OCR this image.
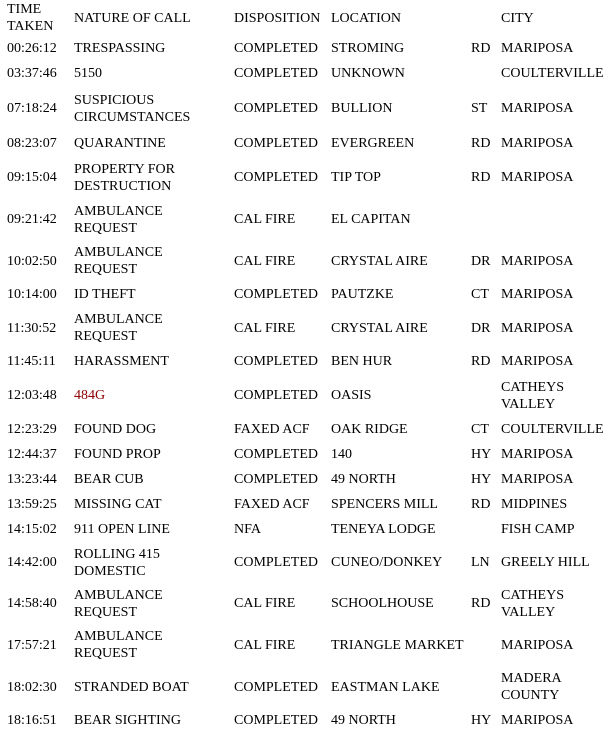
TIME TAKEN	NATURE OF CALL	DISPOSITION	LOCATION		CITY
00:26:12	TRESPASSING	COMPLETED	STROMING	RD	MARIPOSA
03:37:46	5150	COMPLETED	UNKNOWN		COULTERVILLE
07:18:24	SUSPICIOUS CIRCUMSTANCES	COMPLETED	BULLION	ST	MARIPOSA
08:23:07	QUARANTINE	COMPLETED	EVERGREEN	RD	MARIPOSA
09:15:04	PROPERTY FOR DESTRUCTION	COMPLETED	TIP TOP	RD	MARIPOSA
09:21:42	AMBULANCE REQUEST	CAL FIRE	EL CAPITAN		
10:02:50	AMBULANCE REQUEST	CAL FIRE	CRYSTAL AIRE	DR	MARIPOSA
10:14:00	ID THEFT	COMPLETED	PAUTZKE	CT	MARIPOSA
11:30:52	AMBULANCE REQUEST	CAL FIRE	CRYSTAL AIRE	DR	MARIPOSA
11:45:11	HARASSMENT	COMPLETED	BEN HUR	RD	MARIPOSA
12:03:48	484G	COMPLETED	OASIS		CATHEYS VALLEY
12:23:29	FOUND DOG	FAXED ACF	OAK RIDGE	CT	COULTERVILLE
12:44:37	FOUND PROP	COMPLETED	140	HY	MARIPOSA
13:23:44	BEAR CUB	COMPLETED	49 NORTH	HY	MARIPOSA
13:59:25	MISSING CAT	FAXED ACF	SPENCERS MILL	RD	MIDPINES
14:15:02	911 OPEN LINE	NFA	TENEYA LODGE		FISH CAMP
14:42:00	ROLLING 415 DOMESTIC	COMPLETED	CUNEO/DONKEY	LN	GREELY HILL
14:58:40	AMBULANCE REQUEST	CAL FIRE	SCHOOLHOUSE	RD	CATHEYS VALLEY
17:57:21	AMBULANCE REQUEST	CAL FIRE	TRIANGLE MARKET		MARIPOSA
18:02:30	STRANDED BOAT	COMPLETED	EASTMAN LAKE		MADERA COUNTY
18:16:51	BEAR SIGHTING	COMPLETED	49 NORTH	HY	MARIPOSA
